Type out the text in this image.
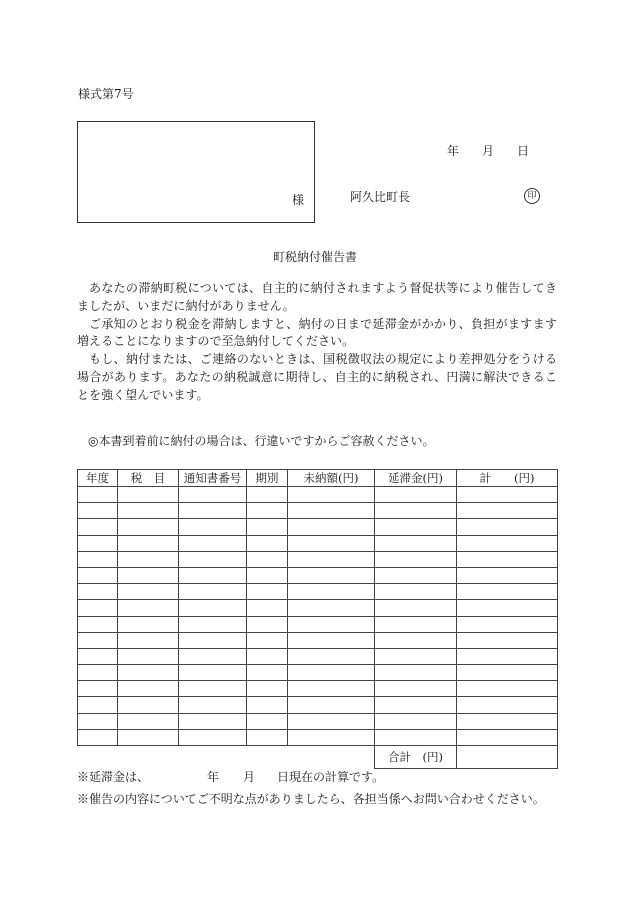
様式第7号
様
年 月 日
阿久比町長	印
町税納付催告書

あなたの滞納町税については、自主的に納付されますよう督促状等により催告してきましたが、いまだに納付がありません。

ご承知のとおり税金を滞納しますと、納付の日まで延滞金がかかり、負担がますます増えることになりますので至急納付してください。

もし、納付または、ご連絡のないときは、国税徴収法の規定により差押処分をうける場合があります。あなたの納税誠意に期待し、自主的に納税され、円満に解決できることを強く望んでいます。

◎本書到着前に納付の場合は、行違いですからご容赦ください。
年度	税　目	通知書番号	期別	未納額(円)	延滞金(円)	計　　(円)

					合計　(円)	
※延滞金は、	年 月 日現在の計算です。
※催告の内容についてご不明な点がありましたら、各担当係へお問い合わせください。
